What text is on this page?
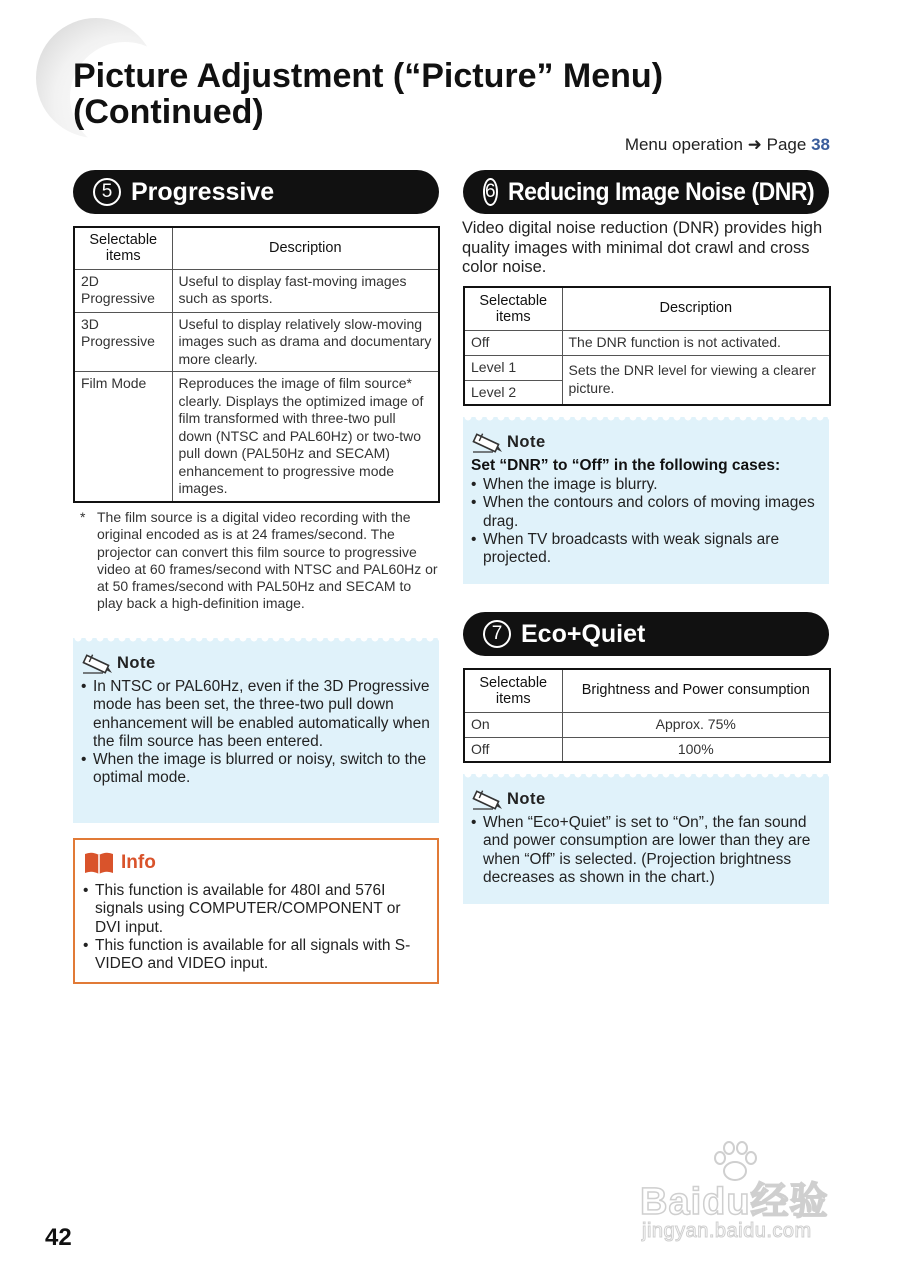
Picture Adjustment (“Picture” Menu)
(Continued)
Menu operation ➜ Page 38
5 Progressive
Selectable items	Description
2D Progressive	Useful to display fast-moving images such as sports.
3D Progressive	Useful to display relatively slow-moving images such as drama and documentary more clearly.
Film Mode	Reproduces the image of film source* clearly. Displays the optimized image of film transformed with three-two pull down (NTSC and PAL60Hz) or two-two pull down (PAL50Hz and SECAM) enhancement to progressive mode images.
* The film source is a digital video recording with the original encoded as is at 24 frames/second. The projector can convert this film source to progressive video at 60 frames/second with NTSC and PAL60Hz or at 50 frames/second with PAL50Hz and SECAM to play back a high-definition image.
Note
• In NTSC or PAL60Hz, even if the 3D Progressive mode has been set, the three-two pull down enhancement will be enabled automatically when the film source has been entered.
• When the image is blurred or noisy, switch to the optimal mode.
Info
• This function is available for 480I and 576I signals using COMPUTER/COMPONENT or DVI input.
• This function is available for all signals with S-VIDEO and VIDEO input.
6 Reducing Image Noise (DNR)
Video digital noise reduction (DNR) provides high quality images with minimal dot crawl and cross color noise.
Selectable items	Description
Off	The DNR function is not activated.
Level 1	Sets the DNR level for viewing a clearer picture.
Level 2	
Note
Set “DNR” to “Off” in the following cases:
• When the image is blurry.
• When the contours and colors of moving images drag.
• When TV broadcasts with weak signals are projected.
7 Eco+Quiet
Selectable items	Brightness and Power consumption
On	Approx. 75%
Off	100%
Note
• When “Eco+Quiet” is set to “On”, the fan sound and power consumption are lower than they are when “Off” is selected. (Projection brightness decreases as shown in the chart.)
42
Baidu经验
jingyan.baidu.com
